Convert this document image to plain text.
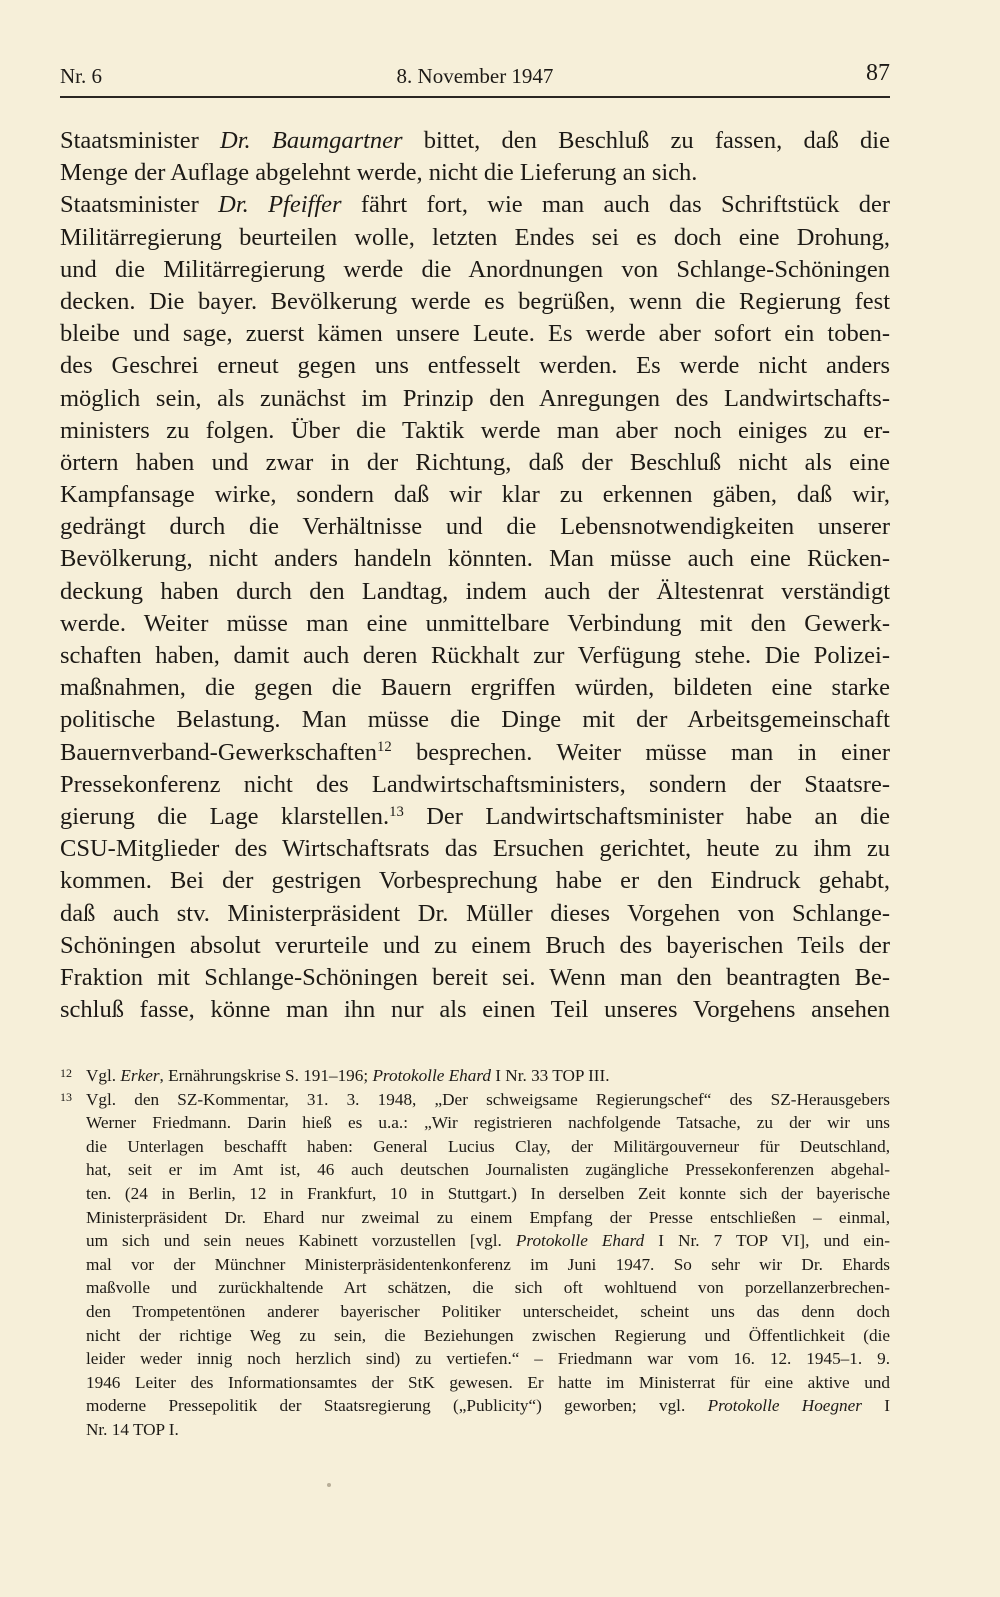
Nr. 6	8. November 1947	87
Staatsminister Dr. Baumgartner bittet, den Beschluß zu fassen, daß die
Menge der Auflage abgelehnt werde, nicht die Lieferung an sich.
Staatsminister Dr. Pfeiffer fährt fort, wie man auch das Schriftstück der
Militärregierung beurteilen wolle, letzten Endes sei es doch eine Drohung,
und die Militärregierung werde die Anordnungen von Schlange-Schöningen
decken. Die bayer. Bevölkerung werde es begrüßen, wenn die Regierung fest
bleibe und sage, zuerst kämen unsere Leute. Es werde aber sofort ein toben-
des Geschrei erneut gegen uns entfesselt werden. Es werde nicht anders
möglich sein, als zunächst im Prinzip den Anregungen des Landwirtschafts-
ministers zu folgen. Über die Taktik werde man aber noch einiges zu er-
örtern haben und zwar in der Richtung, daß der Beschluß nicht als eine
Kampfansage wirke, sondern daß wir klar zu erkennen gäben, daß wir,
gedrängt durch die Verhältnisse und die Lebensnotwendigkeiten unserer
Bevölkerung, nicht anders handeln könnten. Man müsse auch eine Rücken-
deckung haben durch den Landtag, indem auch der Ältestenrat verständigt
werde. Weiter müsse man eine unmittelbare Verbindung mit den Gewerk-
schaften haben, damit auch deren Rückhalt zur Verfügung stehe. Die Polizei-
maßnahmen, die gegen die Bauern ergriffen würden, bildeten eine starke
politische Belastung. Man müsse die Dinge mit der Arbeitsgemeinschaft
Bauernverband-Gewerkschaften$^{12}$ besprechen. Weiter müsse man in einer
Pressekonferenz nicht des Landwirtschaftsministers, sondern der Staatsre-
gierung die Lage klarstellen.$^{13}$ Der Landwirtschaftsminister habe an die
CSU-Mitglieder des Wirtschaftsrats das Ersuchen gerichtet, heute zu ihm zu
kommen. Bei der gestrigen Vorbesprechung habe er den Eindruck gehabt,
daß auch stv. Ministerpräsident Dr. Müller dieses Vorgehen von Schlange-
Schöningen absolut verurteile und zu einem Bruch des bayerischen Teils der
Fraktion mit Schlange-Schöningen bereit sei. Wenn man den beantragten Be-
schluß fasse, könne man ihn nur als einen Teil unseres Vorgehens ansehen
12 Vgl. Erker, Ernährungskrise S. 191–196; Protokolle Ehard I Nr. 33 TOP III.
13 Vgl. den SZ-Kommentar, 31. 3. 1948, „Der schweigsame Regierungschef“ des SZ-Herausgebers
Werner Friedmann. Darin hieß es u.a.: „Wir registrieren nachfolgende Tatsache, zu der wir uns
die Unterlagen beschafft haben: General Lucius Clay, der Militärgouverneur für Deutschland,
hat, seit er im Amt ist, 46 auch deutschen Journalisten zugängliche Pressekonferenzen abgehal-
ten. (24 in Berlin, 12 in Frankfurt, 10 in Stuttgart.) In derselben Zeit konnte sich der bayerische
Ministerpräsident Dr. Ehard nur zweimal zu einem Empfang der Presse entschließen – einmal,
um sich und sein neues Kabinett vorzustellen [vgl. Protokolle Ehard I Nr. 7 TOP VI], und ein-
mal vor der Münchner Ministerpräsidentenkonferenz im Juni 1947. So sehr wir Dr. Ehards
maßvolle und zurückhaltende Art schätzen, die sich oft wohltuend von porzellanzerbrechen-
den Trompetentönen anderer bayerischer Politiker unterscheidet, scheint uns das denn doch
nicht der richtige Weg zu sein, die Beziehungen zwischen Regierung und Öffentlichkeit (die
leider weder innig noch herzlich sind) zu vertiefen.“ – Friedmann war vom 16. 12. 1945–1. 9.
1946 Leiter des Informationsamtes der StK gewesen. Er hatte im Ministerrat für eine aktive und
moderne Pressepolitik der Staatsregierung („Publicity“) geworben; vgl. Protokolle Hoegner I
Nr. 14 TOP I.
